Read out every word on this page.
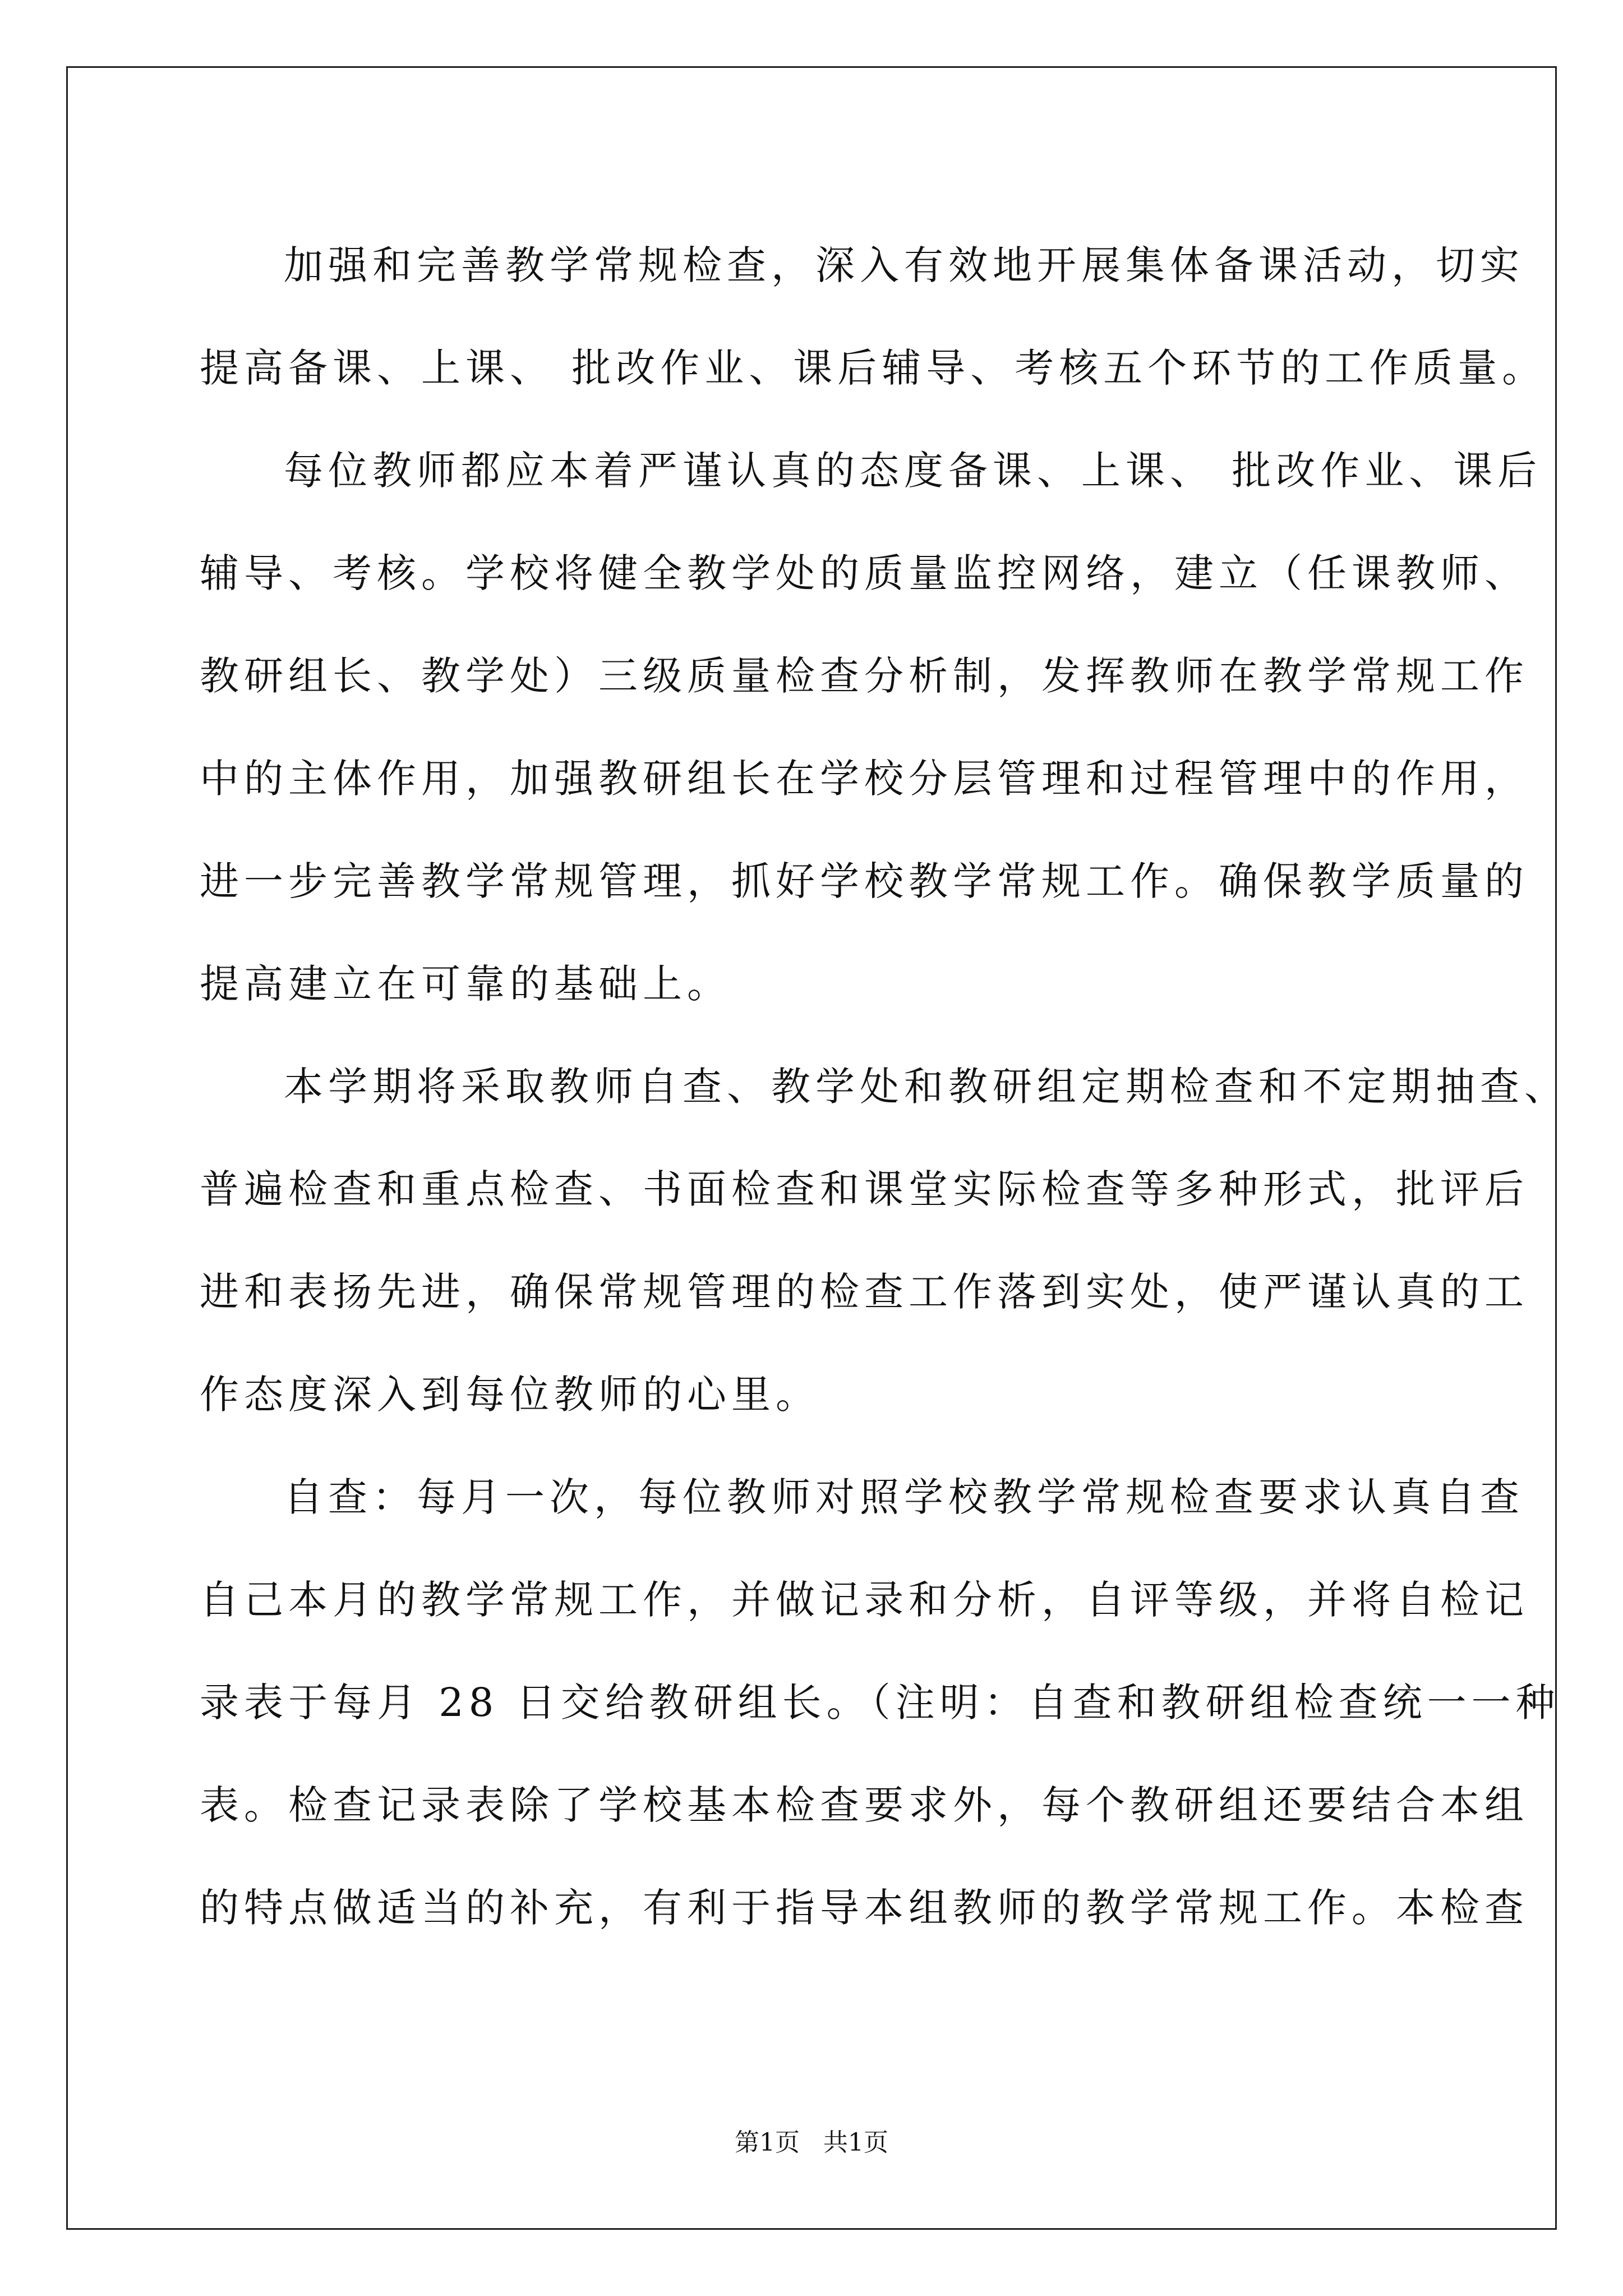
加强和完善教学常规检查，深入有效地开展集体备课活动，切实
提高备课、上课、 批改作业、课后辅导、考核五个环节的工作质量。
每位教师都应本着严谨认真的态度备课、上课、 批改作业、课后
辅导、考核。学校将健全教学处的质量监控网络，建立（任课教师、
教研组长、教学处）三级质量检查分析制，发挥教师在教学常规工作
中的主体作用，加强教研组长在学校分层管理和过程管理中的作用，
进一步完善教学常规管理，抓好学校教学常规工作。确保教学质量的
提高建立在可靠的基础上。
本学期将采取教师自查、教学处和教研组定期检查和不定期抽查、
普遍检查和重点检查、书面检查和课堂实际检查等多种形式，批评后
进和表扬先进，确保常规管理的检查工作落到实处，使严谨认真的工
作态度深入到每位教师的心里。
自查：每月一次，每位教师对照学校教学常规检查要求认真自查
自己本月的教学常规工作，并做记录和分析，自评等级，并将自检记
录表于每月 28 日交给教研组长。（注明：自查和教研组检查统一一种
表。检查记录表除了学校基本检查要求外，每个教研组还要结合本组
的特点做适当的补充，有利于指导本组教师的教学常规工作。本检查
第1页   共1页
